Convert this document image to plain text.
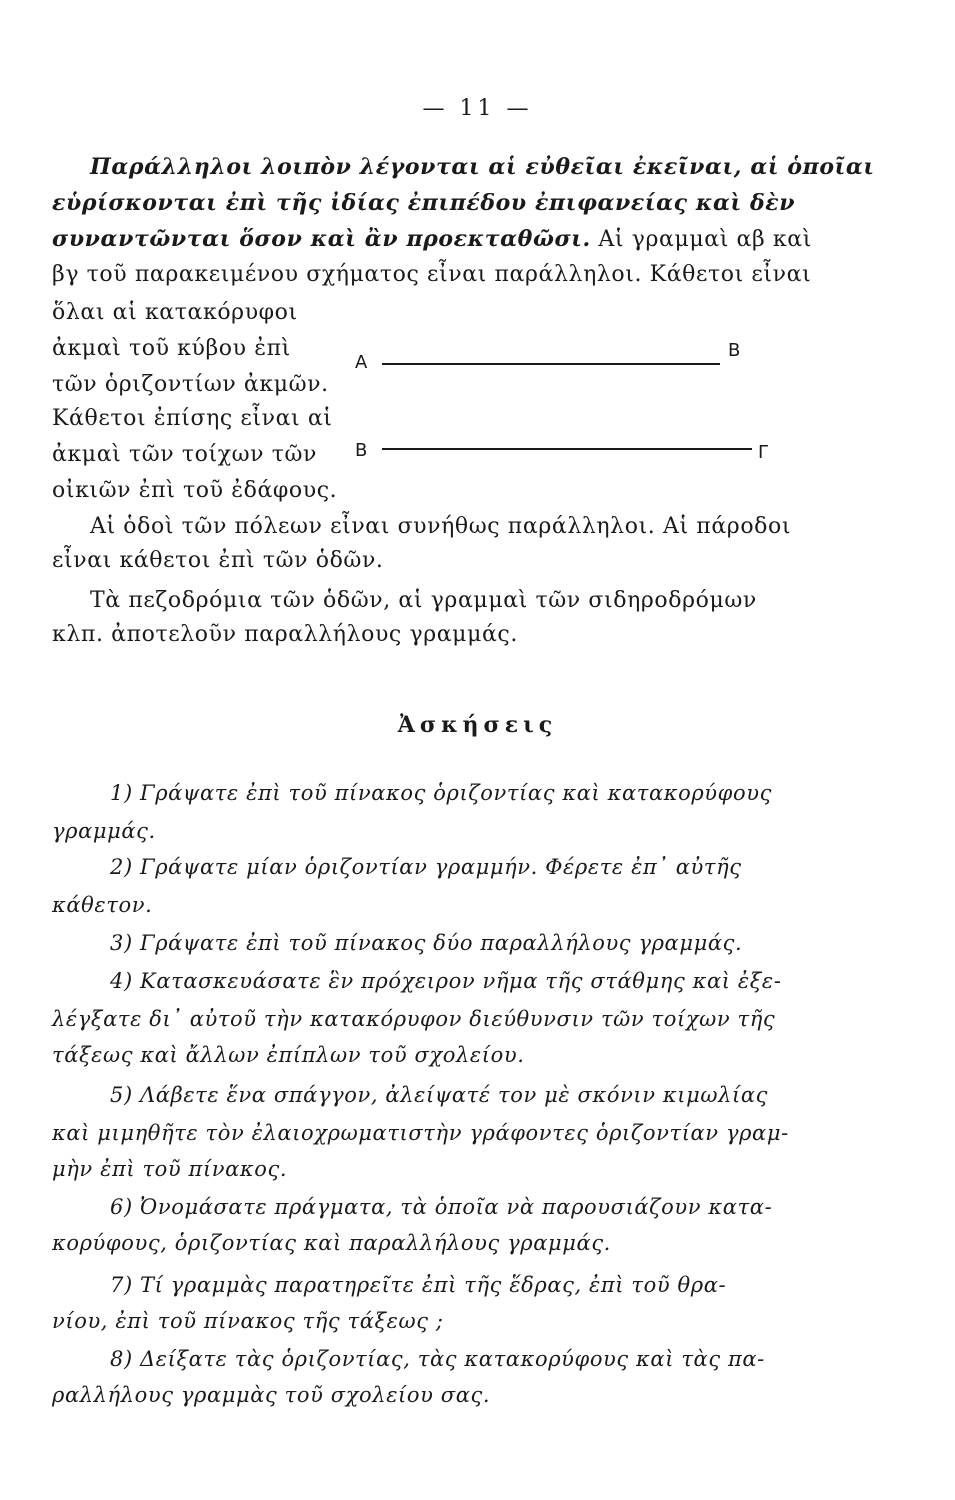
— 11 —
Παράλληλοι λοιπὸν λέγονται αἱ εὐθεῖαι ἐκεῖναι, αἱ ὁποῖαι
εὑρίσκονται ἐπὶ τῆς ἰδίας ἐπιπέδου ἐπιφανείας καὶ δὲν
συναντῶνται ὅσον καὶ ἂν προεκταθῶσι. Αἱ γραμμαὶ αβ καὶ
βγ τοῦ παρακειμένου σχήματος εἶναι παράλληλοι. Κάθετοι εἶναι
ὅλαι αἱ κατακόρυφοι
ἀκμαὶ τοῦ κύβου ἐπὶ
τῶν ὁριζοντίων ἀκμῶν.
Κάθετοι ἐπίσης εἶναι αἱ
ἀκμαὶ τῶν τοίχων τῶν
οἰκιῶν ἐπὶ τοῦ ἐδάφους.
Αἱ ὁδοὶ τῶν πόλεων εἶναι συνήθως παράλληλοι. Αἱ πάροδοι
εἶναι κάθετοι ἐπὶ τῶν ὁδῶν.
Τὰ πεζοδρόμια τῶν ὁδῶν, αἱ γραμμαὶ τῶν σιδηροδρόμων
κλπ. ἀποτελοῦν παραλλήλους γραμμάς.
Α
Β
Β	Γ
Ἀσκήσεις
1) Γράψατε ἐπὶ τοῦ πίνακος ὁριζοντίας καὶ κατακορύφους
γραμμάς.
2) Γράψατε μίαν ὁριζοντίαν γραμμήν. Φέρετε ἐπ᾽ αὐτῆς
κάθετον.
3) Γράψατε ἐπὶ τοῦ πίνακος δύο παραλλήλους γραμμάς.
4) Κατασκευάσατε ἓν πρόχειρον νῆμα τῆς στάθμης καὶ ἐξε-
λέγξατε δι᾽ αὐτοῦ τὴν κατακόρυφον διεύθυνσιν τῶν τοίχων τῆς
τάξεως καὶ ἄλλων ἐπίπλων τοῦ σχολείου.
5) Λάβετε ἕνα σπάγγον, ἀλείψατέ τον μὲ σκόνιν κιμωλίας
καὶ μιμηθῆτε τὸν ἐλαιοχρωματιστὴν γράφοντες ὁριζοντίαν γραμ-
μὴν ἐπὶ τοῦ πίνακος.
6) Ὀνομάσατε πράγματα, τὰ ὁποῖα νὰ παρουσιάζουν κατα-
κορύφους, ὁριζοντίας καὶ παραλλήλους γραμμάς.
7) Τί γραμμὰς παρατηρεῖτε ἐπὶ τῆς ἕδρας, ἐπὶ τοῦ θρα-
νίου, ἐπὶ τοῦ πίνακος τῆς τάξεως ;
8) Δείξατε τὰς ὁριζοντίας, τὰς κατακορύφους καὶ τὰς πα-
ραλλήλους γραμμὰς τοῦ σχολείου σας.
